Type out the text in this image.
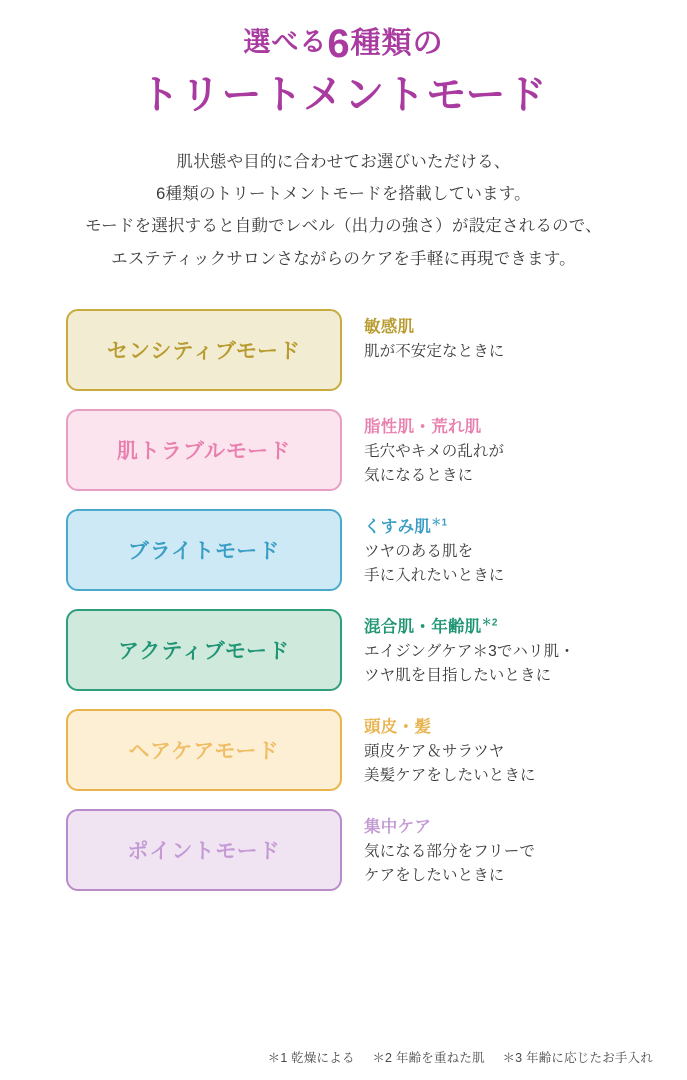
選べる6種類の
トリートメントモード
肌状態や目的に合わせてお選びいただける、
6種類のトリートメントモードを搭載しています。
モードを選択すると自動でレベル（出力の強さ）が設定されるので、
エステティックサロンさながらのケアを手軽に再現できます。
センシティブモード
敏感肌
肌が不安定なときに
肌トラブルモード
脂性肌・荒れ肌
毛穴やキメの乱れが
気になるときに
ブライトモード
くすみ肌$^{*1}$
ツヤのある肌を
手に入れたいときに
アクティブモード
混合肌・年齢肌$^{*2}$
エイジングケア＊3でハリ肌・
ツヤ肌を目指したいときに
ヘアケアモード
頭皮・髪
頭皮ケア＆サラツヤ
美髪ケアをしたいときに
ポイントモード
集中ケア
気になる部分をフリーで
ケアをしたいときに
＊1 乾燥による ＊2 年齢を重ねた肌 ＊3 年齢に応じたお手入れ
